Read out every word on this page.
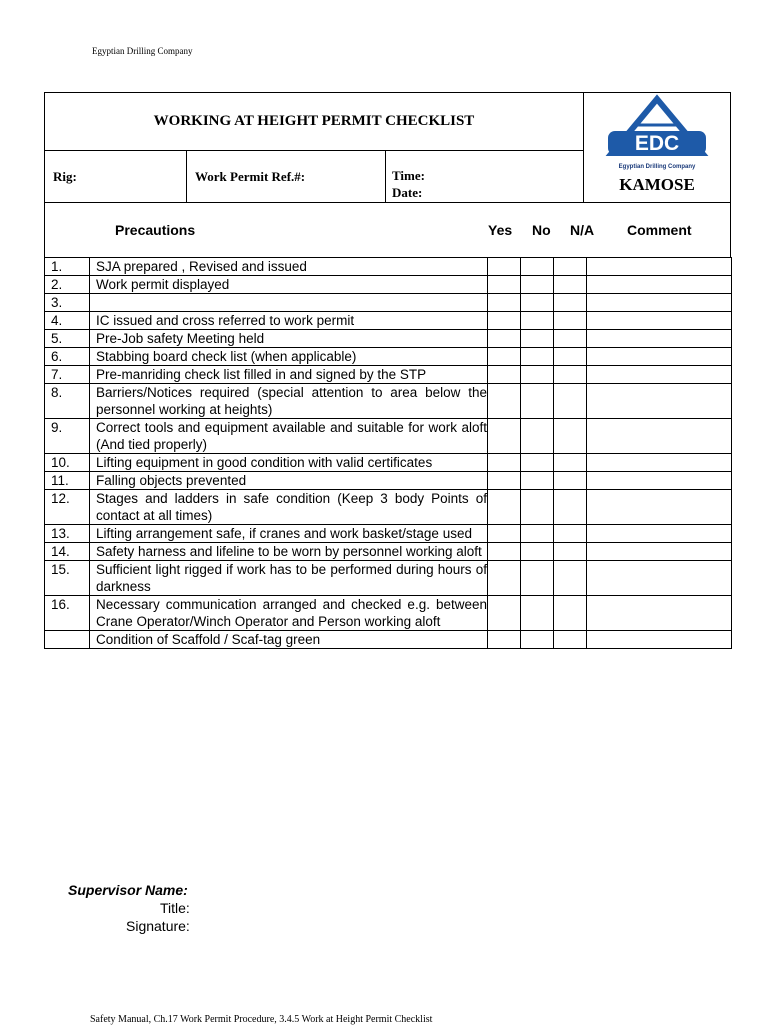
Egyptian Drilling Company
WORKING AT HEIGHT PERMIT CHECKLIST
Rig:	Work Permit Ref.#:	Time:
Date:
EDC
Egyptian Drilling Company
KAMOSE
Precautions	Yes No N/A Comment
1.	SJA prepared , Revised and issued				
2.	Work permit displayed				
3.					
4.	IC issued and cross referred to work permit				
5.	Pre-Job safety Meeting held				
6.	Stabbing board check list (when applicable)				
7.	Pre-manriding check list filled in and signed by the STP				
8.	Barriers/Notices required (special attention to area below the personnel working at heights)				
9.	Correct tools and equipment available and suitable for work aloft (And tied properly)				
10.	Lifting equipment in good condition with valid certificates				
11.	Falling objects prevented				
12.	Stages and ladders in safe condition (Keep 3 body Points of contact at all times)				
13.	Lifting arrangement safe, if cranes and work basket/stage used				
14.	Safety harness and lifeline to be worn by personnel working aloft				
15.	Sufficient light rigged if work has to be performed during hours of darkness				
16.	Necessary communication arranged and checked e.g. between Crane Operator/Winch Operator and Person working aloft				
	Condition of Scaffold / Scaf-tag green				
Supervisor Name:
Title:
Signature:
Safety Manual, Ch.17 Work Permit Procedure, 3.4.5 Work at Height Permit Checklist
